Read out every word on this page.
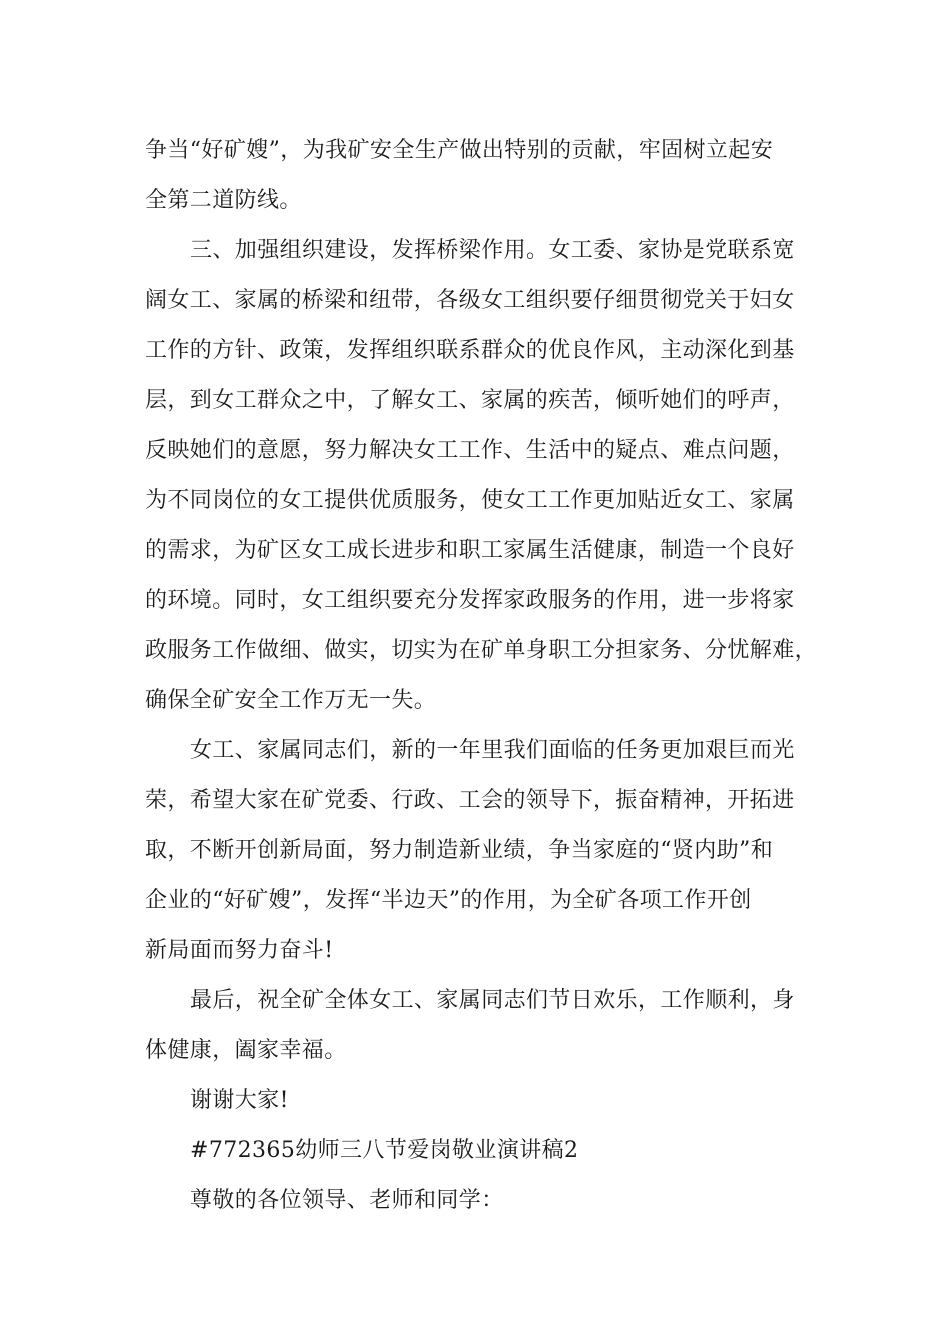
争当“好矿嫂”，为我矿安全生产做出特别的贡献，牢固树立起安
全第二道防线。
三、加强组织建设，发挥桥梁作用。女工委、家协是党联系宽
阔女工、家属的桥梁和纽带，各级女工组织要仔细贯彻党关于妇女
工作的方针、政策，发挥组织联系群众的优良作风，主动深化到基
层，到女工群众之中，了解女工、家属的疾苦，倾听她们的呼声，
反映她们的意愿，努力解决女工工作、生活中的疑点、难点问题，
为不同岗位的女工提供优质服务，使女工工作更加贴近女工、家属
的需求，为矿区女工成长进步和职工家属生活健康，制造一个良好
的环境。同时，女工组织要充分发挥家政服务的作用，进一步将家
政服务工作做细、做实，切实为在矿单身职工分担家务、分忧解难，
确保全矿安全工作万无一失。
女工、家属同志们，新的一年里我们面临的任务更加艰巨而光
荣，希望大家在矿党委、行政、工会的领导下，振奋精神，开拓进
取，不断开创新局面，努力制造新业绩，争当家庭的“贤内助”和
企业的“好矿嫂”，发挥“半边天”的作用，为全矿各项工作开创
新局面而努力奋斗!
最后，祝全矿全体女工、家属同志们节日欢乐，工作顺利，身
体健康，阖家幸福。
谢谢大家!
#772365幼师三八节爱岗敬业演讲稿2
尊敬的各位领导、老师和同学：
